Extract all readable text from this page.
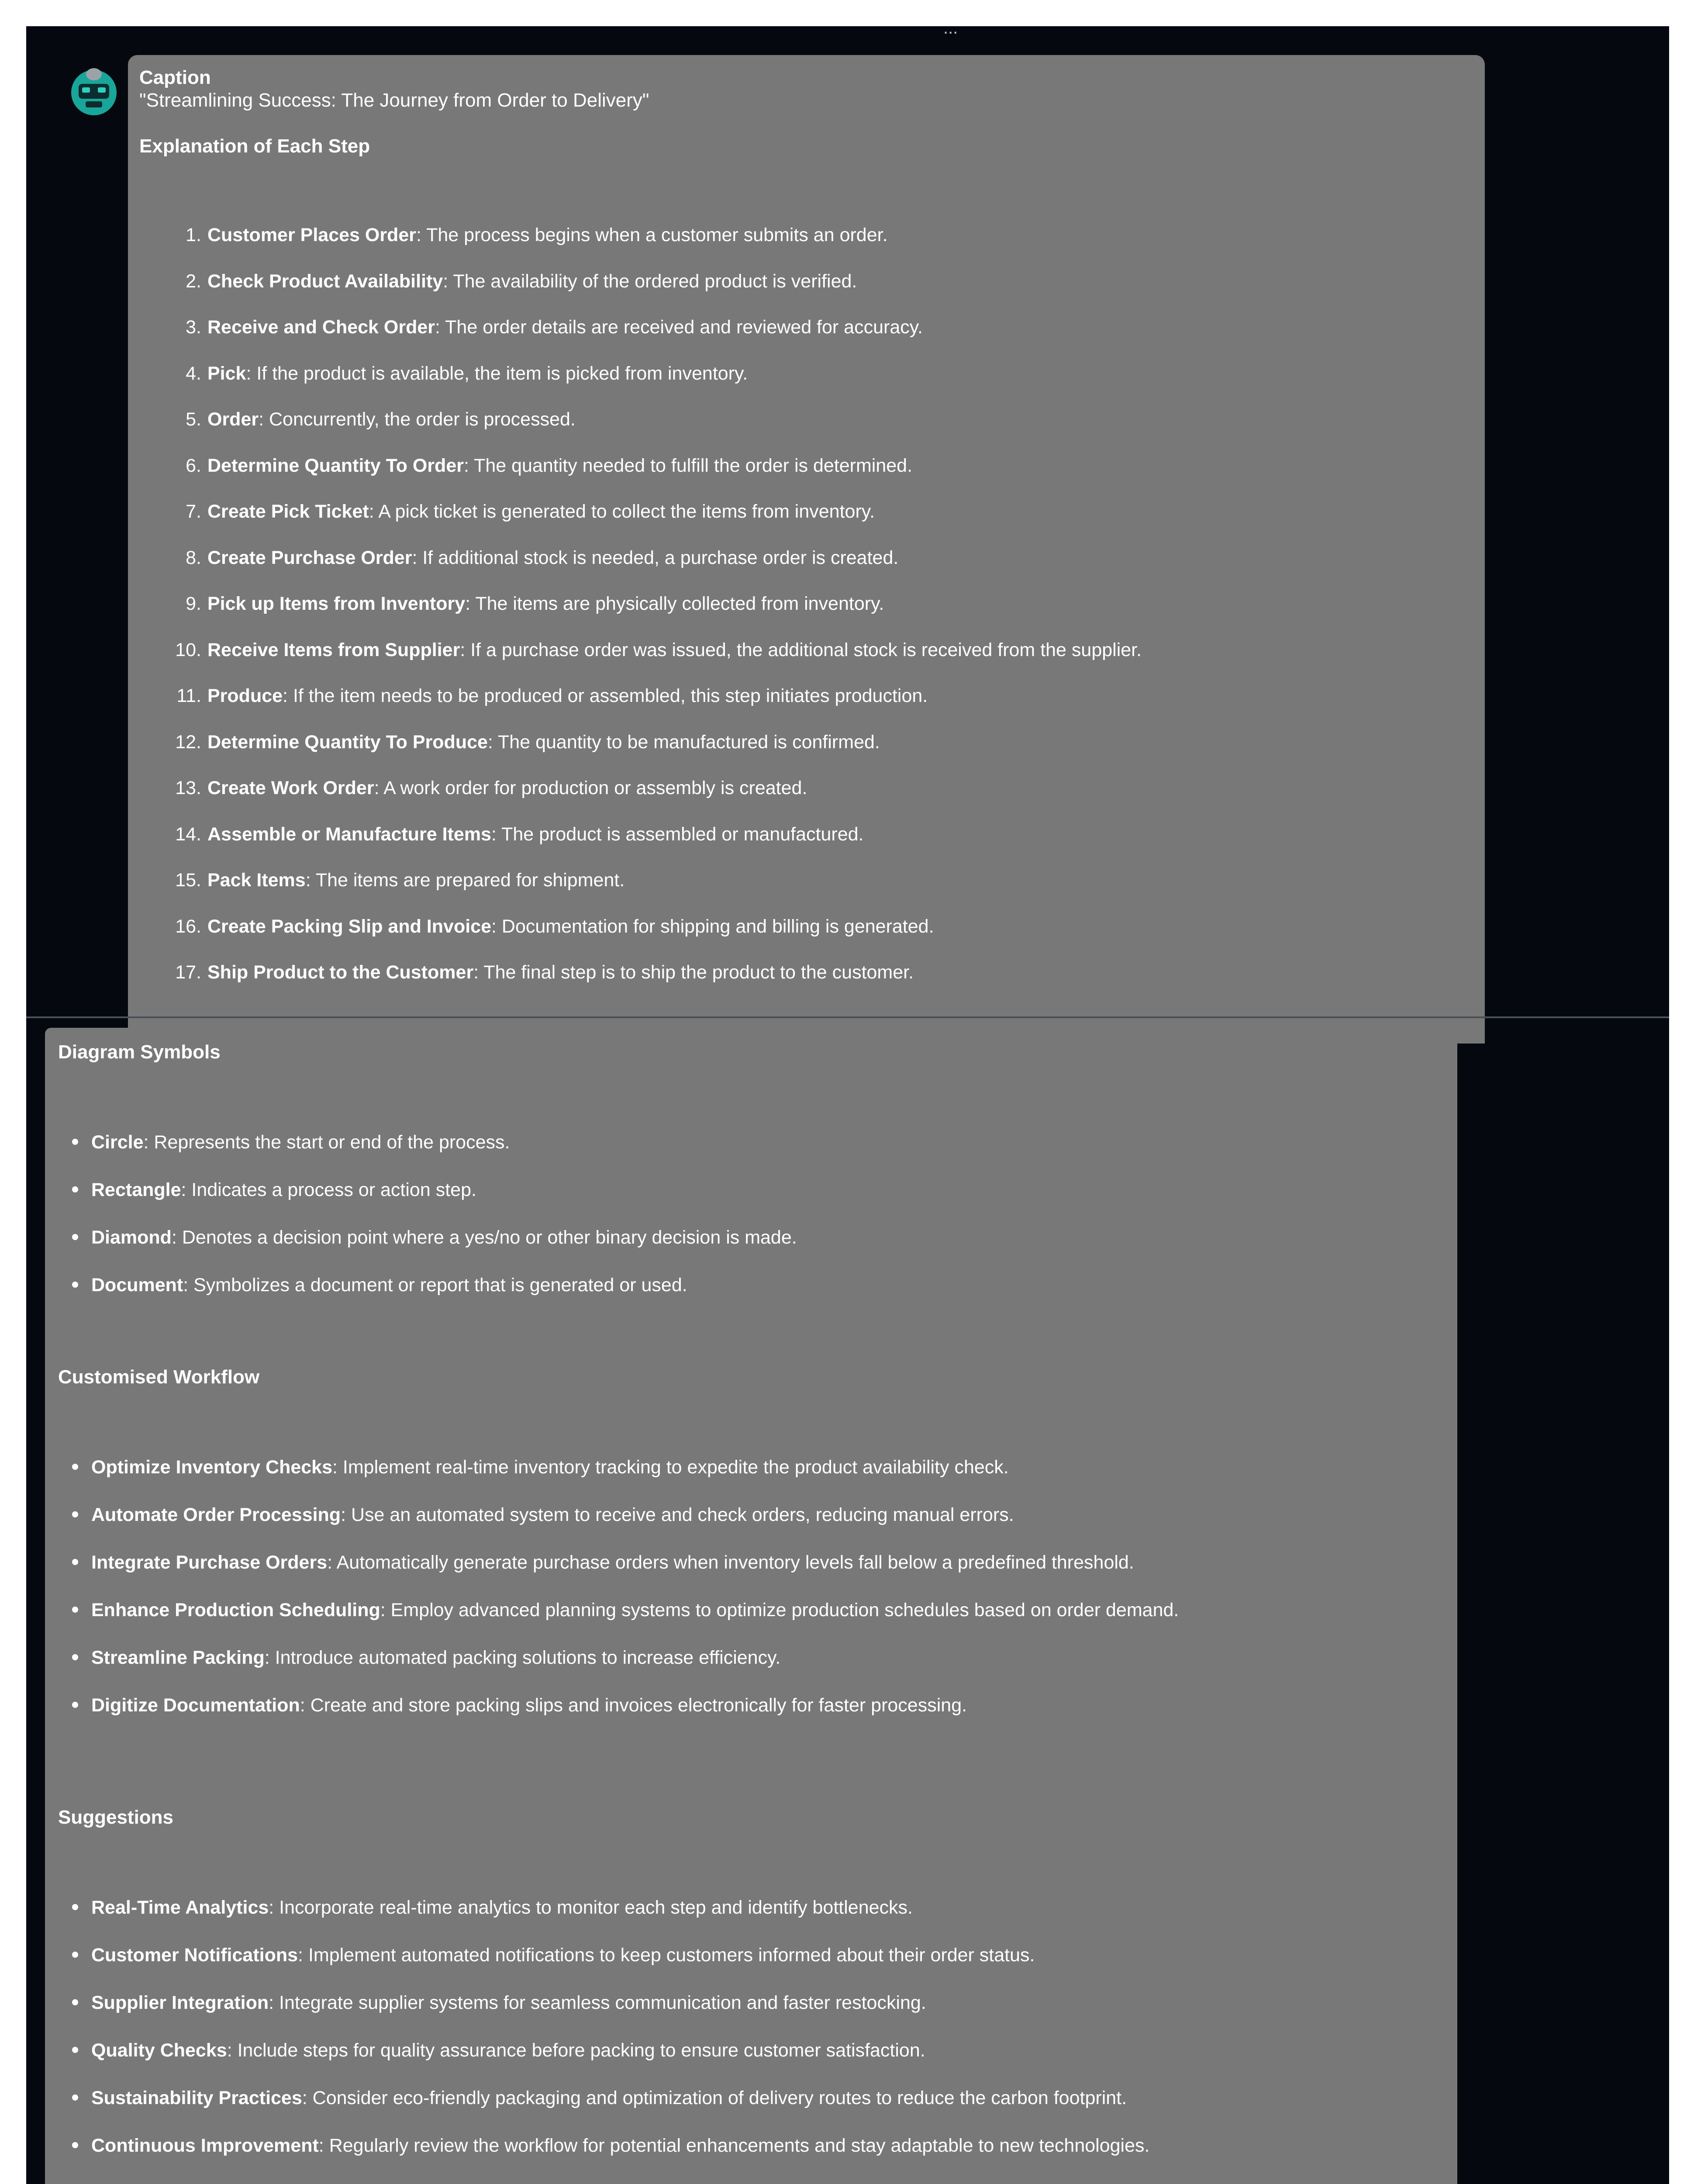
...
Caption
"Streamlining Success: The Journey from Order to Delivery"
Explanation of Each Step
1. Customer Places Order: The process begins when a customer submits an order.
2. Check Product Availability: The availability of the ordered product is verified.
3. Receive and Check Order: The order details are received and reviewed for accuracy.
4. Pick: If the product is available, the item is picked from inventory.
5. Order: Concurrently, the order is processed.
6. Determine Quantity To Order: The quantity needed to fulfill the order is determined.
7. Create Pick Ticket: A pick ticket is generated to collect the items from inventory.
8. Create Purchase Order: If additional stock is needed, a purchase order is created.
9. Pick up Items from Inventory: The items are physically collected from inventory.
10. Receive Items from Supplier: If a purchase order was issued, the additional stock is received from the supplier.
11. Produce: If the item needs to be produced or assembled, this step initiates production.
12. Determine Quantity To Produce: The quantity to be manufactured is confirmed.
13. Create Work Order: A work order for production or assembly is created.
14. Assemble or Manufacture Items: The product is assembled or manufactured.
15. Pack Items: The items are prepared for shipment.
16. Create Packing Slip and Invoice: Documentation for shipping and billing is generated.
17. Ship Product to the Customer: The final step is to ship the product to the customer.
Diagram Symbols
Circle: Represents the start or end of the process.
Rectangle: Indicates a process or action step.
Diamond: Denotes a decision point where a yes/no or other binary decision is made.
Document: Symbolizes a document or report that is generated or used.
Customised Workflow
Optimize Inventory Checks: Implement real-time inventory tracking to expedite the product availability check.
Automate Order Processing: Use an automated system to receive and check orders, reducing manual errors.
Integrate Purchase Orders: Automatically generate purchase orders when inventory levels fall below a predefined threshold.
Enhance Production Scheduling: Employ advanced planning systems to optimize production schedules based on order demand.
Streamline Packing: Introduce automated packing solutions to increase efficiency.
Digitize Documentation: Create and store packing slips and invoices electronically for faster processing.
Suggestions
Real-Time Analytics: Incorporate real-time analytics to monitor each step and identify bottlenecks.
Customer Notifications: Implement automated notifications to keep customers informed about their order status.
Supplier Integration: Integrate supplier systems for seamless communication and faster restocking.
Quality Checks: Include steps for quality assurance before packing to ensure customer satisfaction.
Sustainability Practices: Consider eco-friendly packaging and optimization of delivery routes to reduce the carbon footprint.
Continuous Improvement: Regularly review the workflow for potential enhancements and stay adaptable to new technologies.
